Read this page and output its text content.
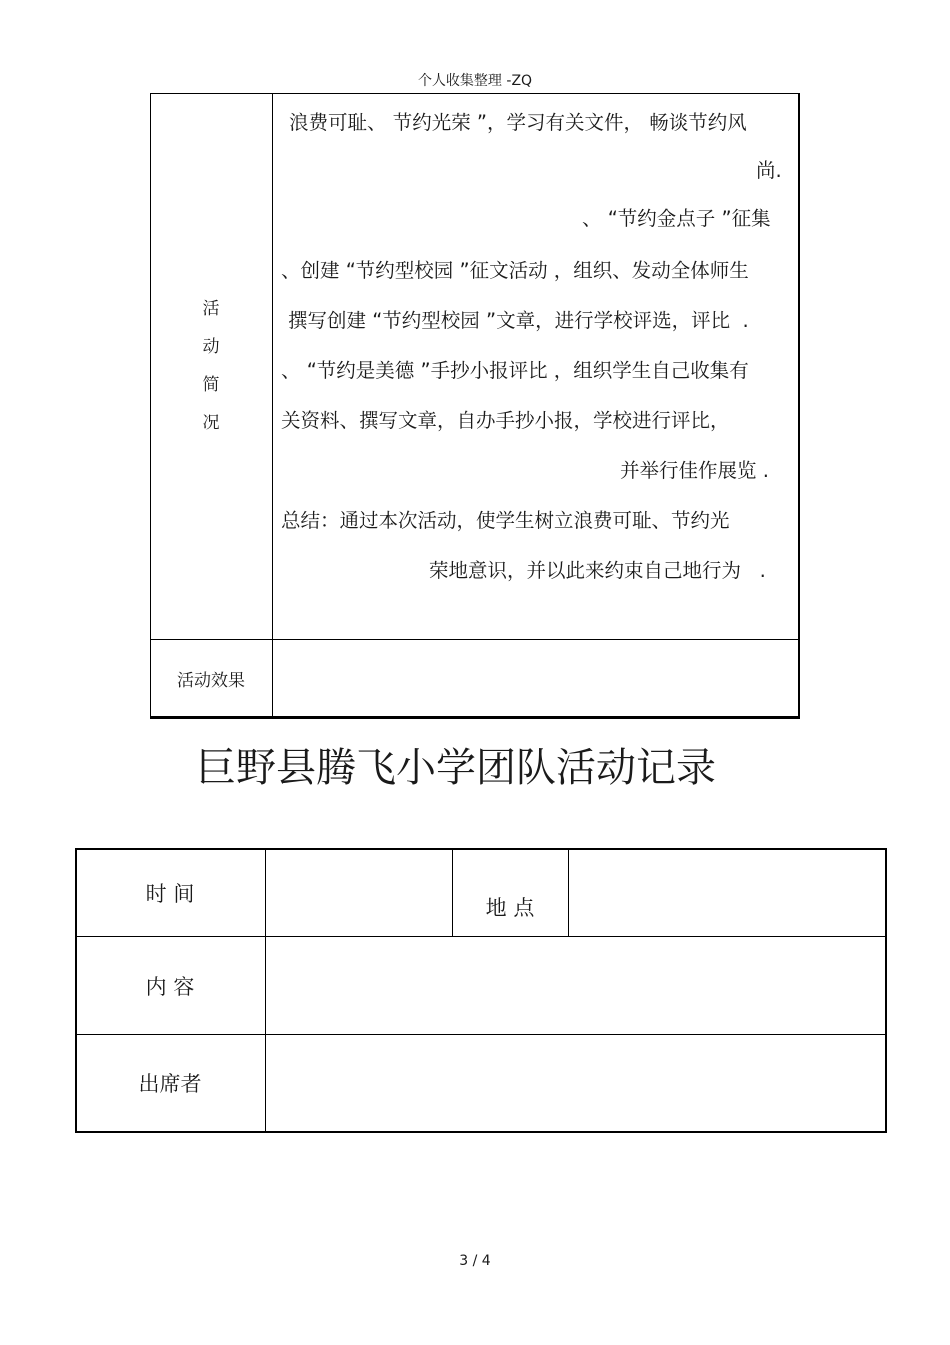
个人收集整理 -ZQ
活
动
简
况
浪费可耻、 节约光荣 ”，学习有关文件， 畅谈节约风
尚.
、 “节约金点子 ”征集
、创建 “节约型校园 ”征文活动 ，组织、发动全体师生
撰写创建 “节约型校园 ”文章，进行学校评选，评比  .
、 “节约是美德 ”手抄小报评比 ，组织学生自己收集有
关资料、撰写文章，自办手抄小报，学校进行评比，
并举行佳作展览 .
总结：通过本次活动，使学生树立浪费可耻、节约光
荣地意识，并以此来约束自己地行为   .
活动效果
巨野县腾飞小学团队活动记录
时 间
地 点
内 容
出席者
3 / 4
